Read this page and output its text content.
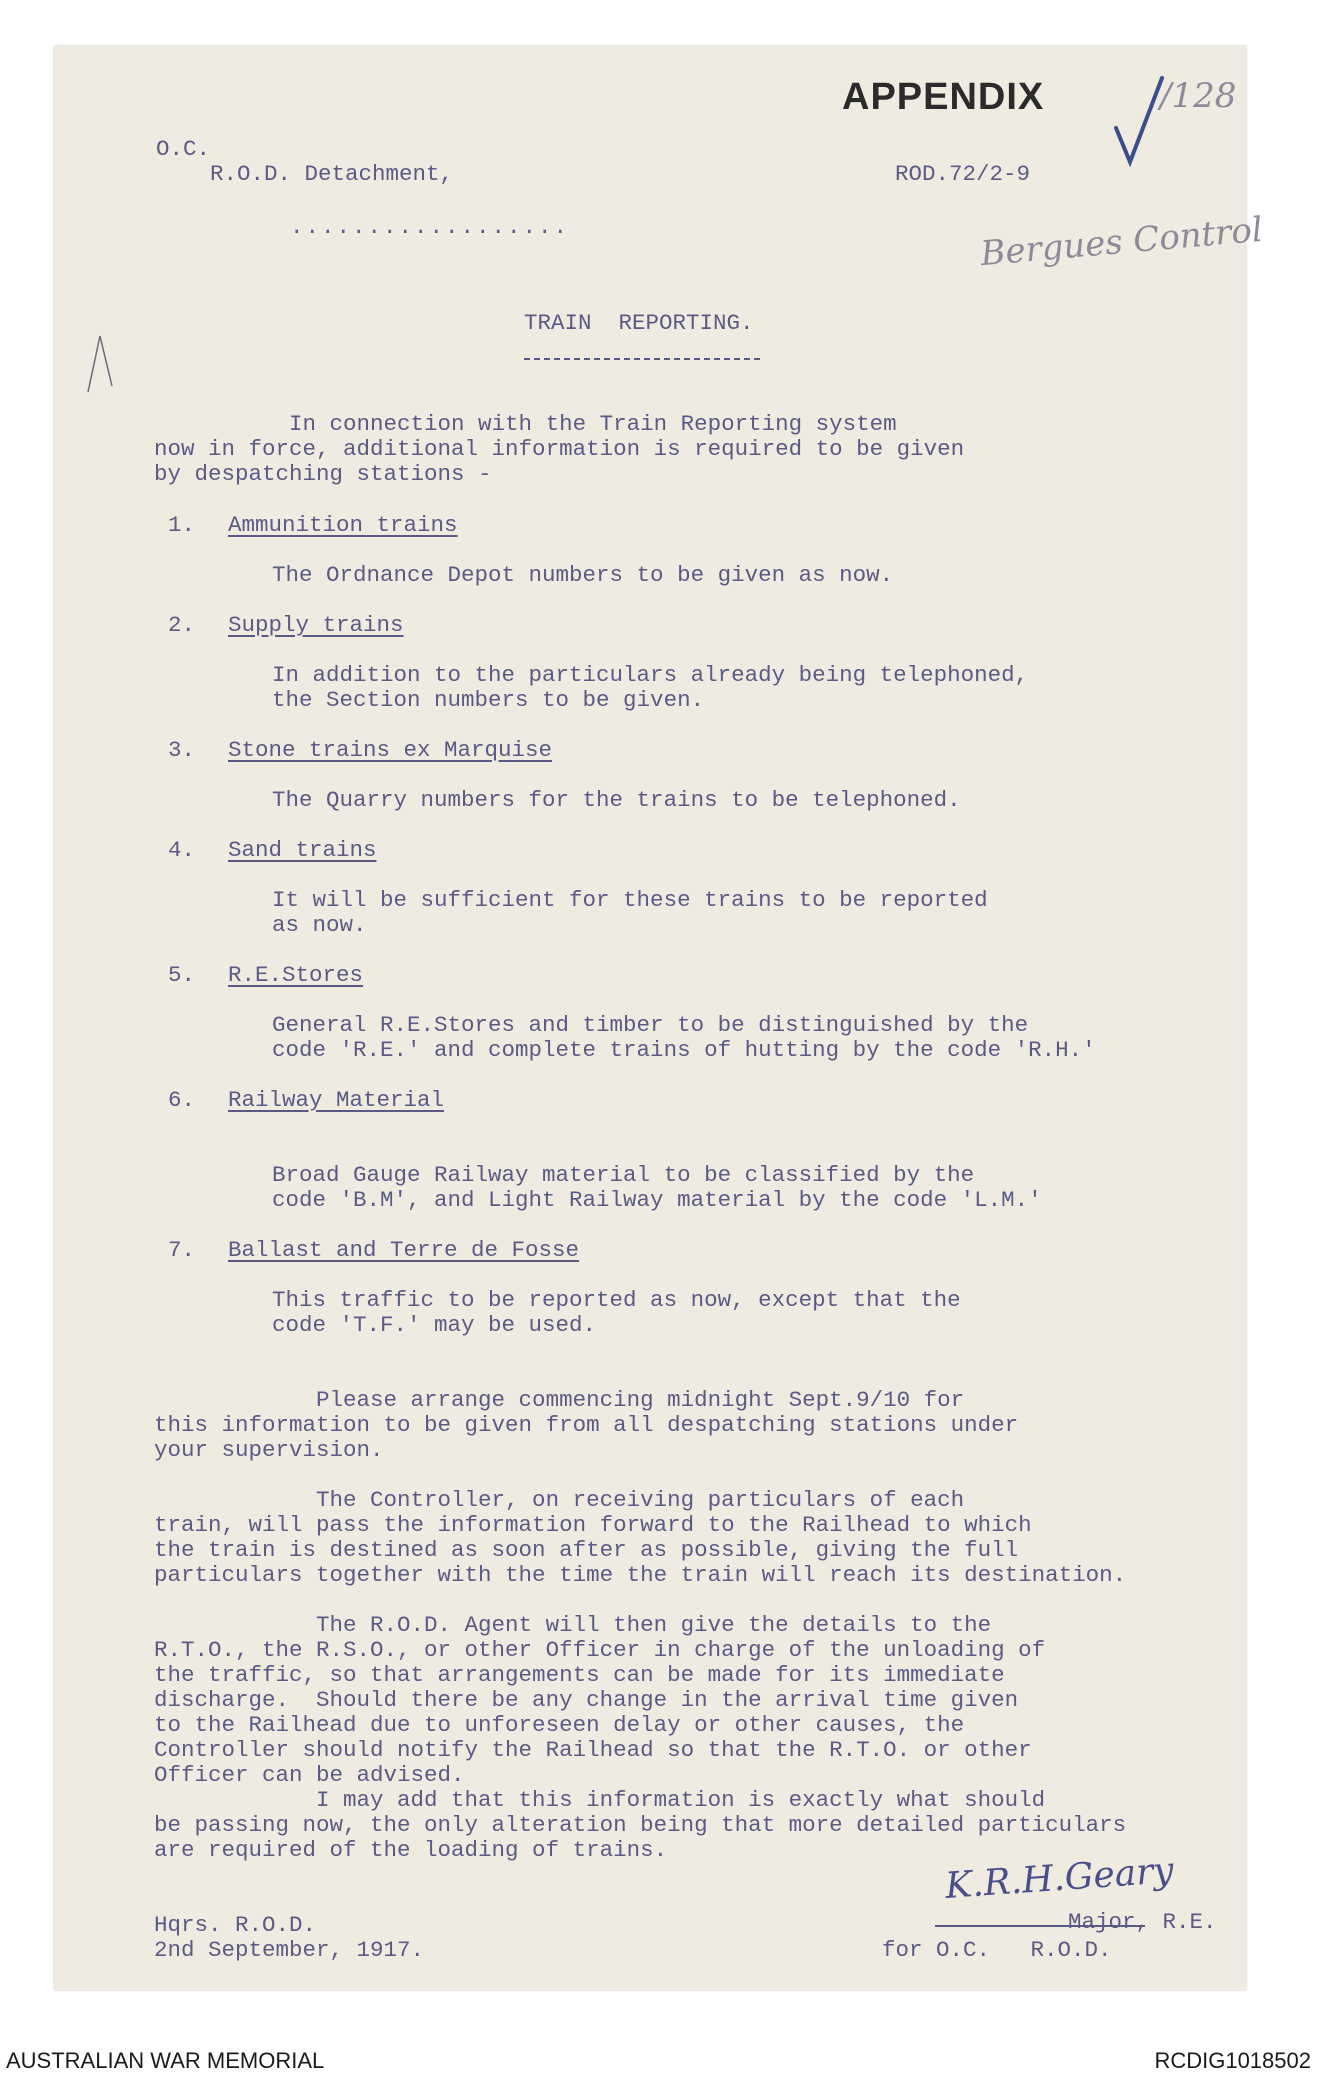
O.C.
R.O.D. Detachment,
..................
ROD.72/2-9
APPENDIX	/128
Bergues Control
TRAIN  REPORTING.
In connection with the Train Reporting system
now in force, additional information is required to be given
by despatching stations -
1. Ammunition trains
The Ordnance Depot numbers to be given as now.
2. Supply trains
In addition to the particulars already being telephoned,
the Section numbers to be given.
3. Stone trains ex Marquise
The Quarry numbers for the trains to be telephoned.
4. Sand trains
It will be sufficient for these trains to be reported
as now.
5. R.E.Stores
General R.E.Stores and timber to be distinguished by the
code 'R.E.' and complete trains of hutting by the code 'R.H.'
6. Railway Material
Broad Gauge Railway material to be classified by the
code 'B.M', and Light Railway material by the code 'L.M.'
7. Ballast and Terre de Fosse
This traffic to be reported as now, except that the
code 'T.F.' may be used.
Please arrange commencing midnight Sept.9/10 for
this information to be given from all despatching stations under
your supervision.
The Controller, on receiving particulars of each
train, will pass the information forward to the Railhead to which
the train is destined as soon after as possible, giving the full
particulars together with the time the train will reach its destination.
The R.O.D. Agent will then give the details to the
R.T.O., the R.S.O., or other Officer in charge of the unloading of
the traffic, so that arrangements can be made for its immediate
discharge.  Should there be any change in the arrival time given
to the Railhead due to unforeseen delay or other causes, the
Controller should notify the Railhead so that the R.T.O. or other
Officer can be advised.
I may add that this information is exactly what should
be passing now, the only alteration being that more detailed particulars
are required of the loading of trains.
K.R.H.Geary
Major, R.E.
for O.C.   R.O.D.
Hqrs. R.O.D.
2nd September, 1917.
AUSTRALIAN WAR MEMORIAL	RCDIG1018502
